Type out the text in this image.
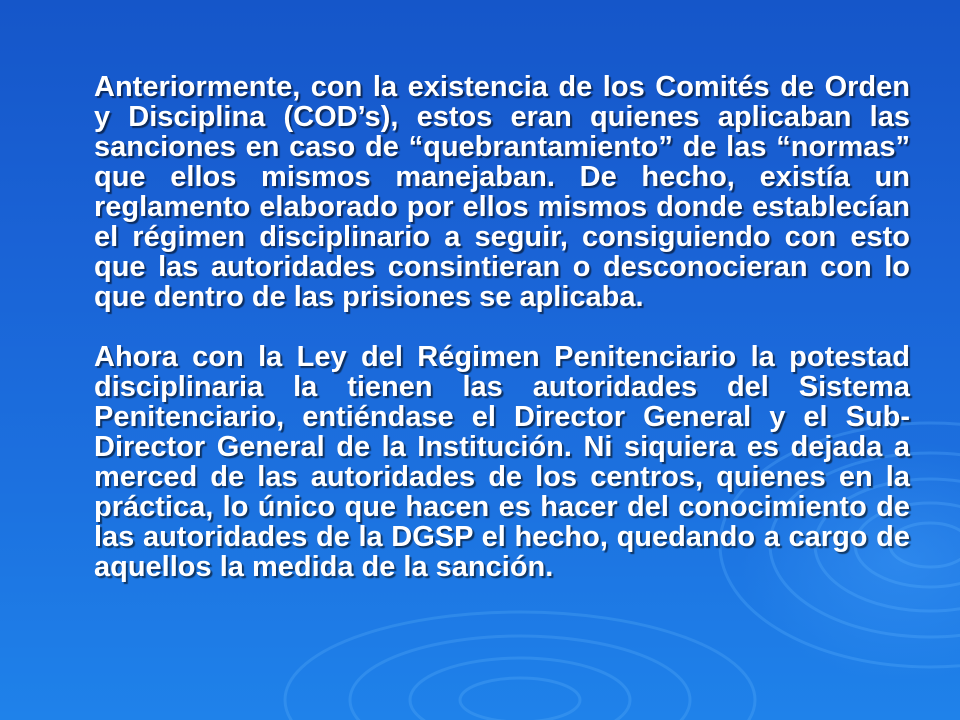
Anteriormente, con la existencia de los Comités de Orden y Disciplina (COD’s), estos eran quienes aplicaban las sanciones en caso de “quebrantamiento” de las “normas” que ellos mismos manejaban. De hecho, existía un reglamento elaborado por ellos mismos donde establecían el régimen disciplinario a seguir, consiguiendo con esto que las autoridades consintieran o desconocieran con lo que dentro de las prisiones se aplicaba.

Ahora con la Ley del Régimen Penitenciario la potestad disciplinaria la tienen las autoridades del Sistema Penitenciario, entiéndase el Director General y el Sub-Director General de la Institución. Ni siquiera es dejada a merced de las autoridades de los centros, quienes en la práctica, lo único que hacen es hacer del conocimiento de las autoridades de la DGSP el hecho, quedando a cargo de aquellos la medida de la sanción.
